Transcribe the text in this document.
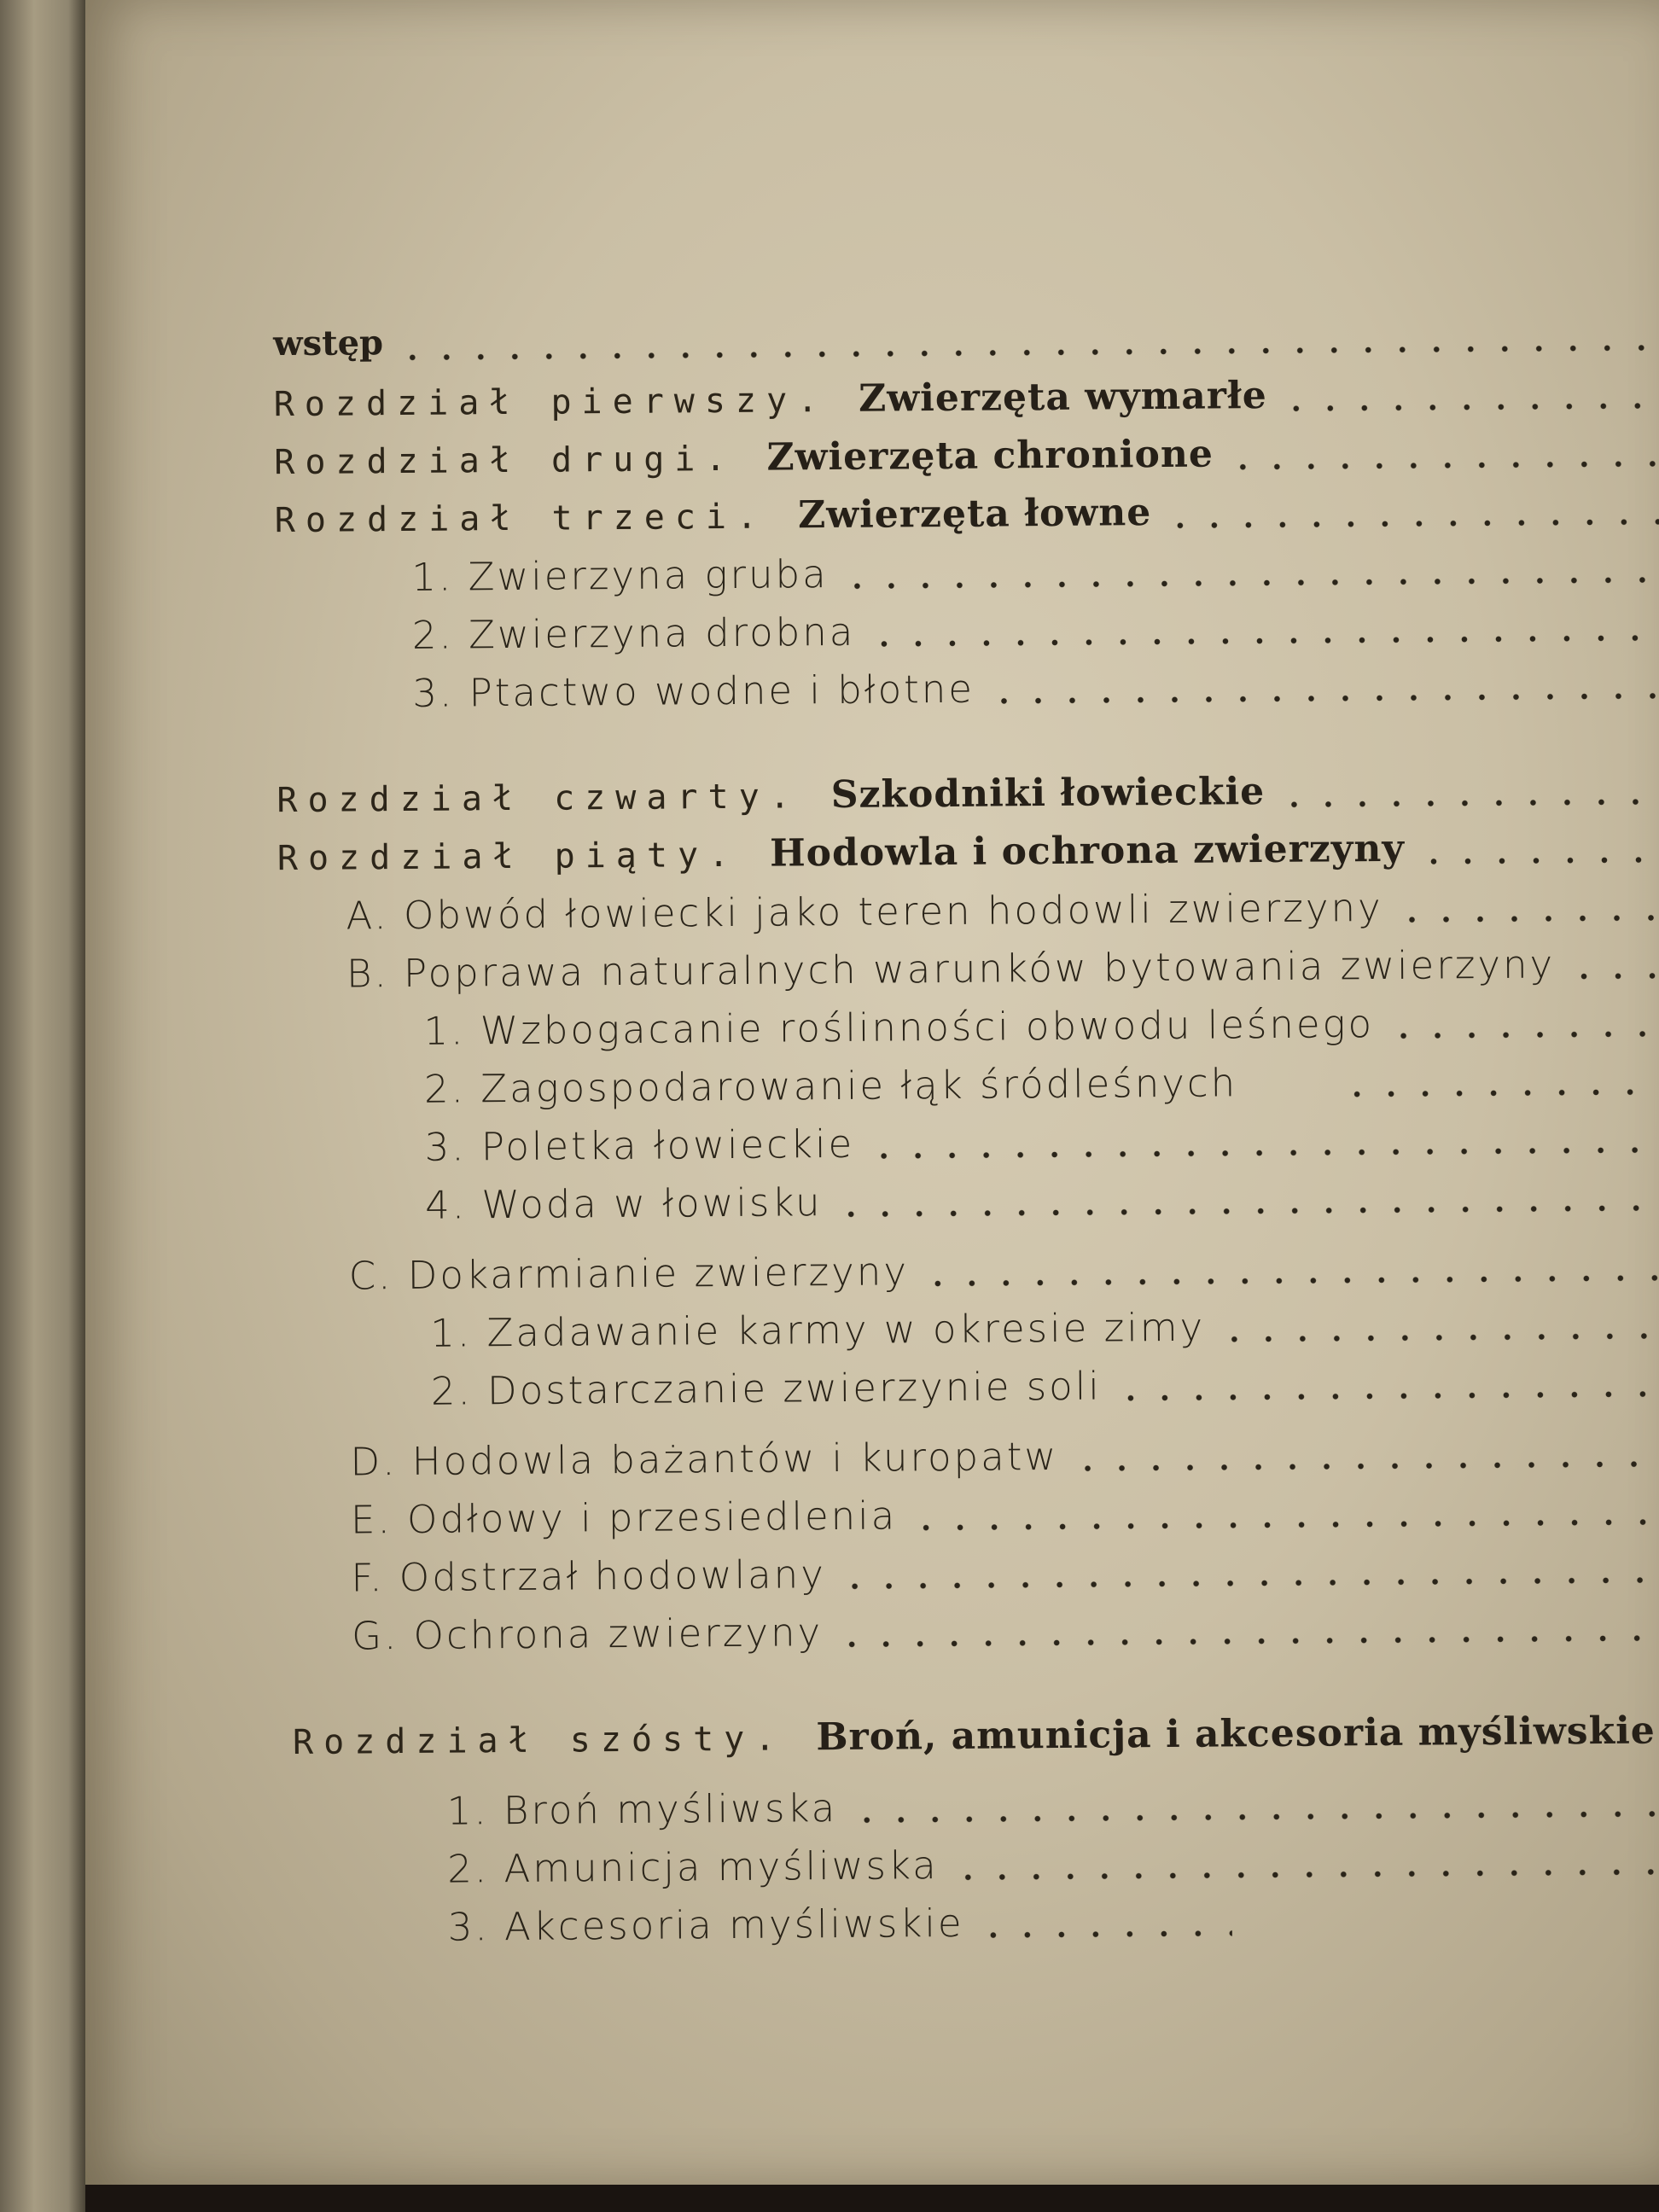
wstęp
Rozdział pierwszy. Zwierzęta wymarłe
Rozdział drugi. Zwierzęta chronione
Rozdział trzeci. Zwierzęta łowne
1. Zwierzyna gruba
2. Zwierzyna drobna
3. Ptactwo wodne i błotne
Rozdział czwarty. Szkodniki łowieckie
Rozdział piąty. Hodowla i ochrona zwierzyny
A. Obwód łowiecki jako teren hodowli zwierzyny
B. Poprawa naturalnych warunków bytowania zwierzyny
1. Wzbogacanie roślinności obwodu leśnego
2. Zagospodarowanie łąk śródleśnych
3. Poletka łowieckie
4. Woda w łowisku
C. Dokarmianie zwierzyny
1. Zadawanie karmy w okresie zimy
2. Dostarczanie zwierzynie soli
D. Hodowla bażantów i kuropatw
E. Odłowy i przesiedlenia
F. Odstrzał hodowlany
G. Ochrona zwierzyny
Rozdział szósty. Broń, amunicja i akcesoria myśliwskie
1. Broń myśliwska
2. Amunicja myśliwska
3. Akcesoria myśliwskie
